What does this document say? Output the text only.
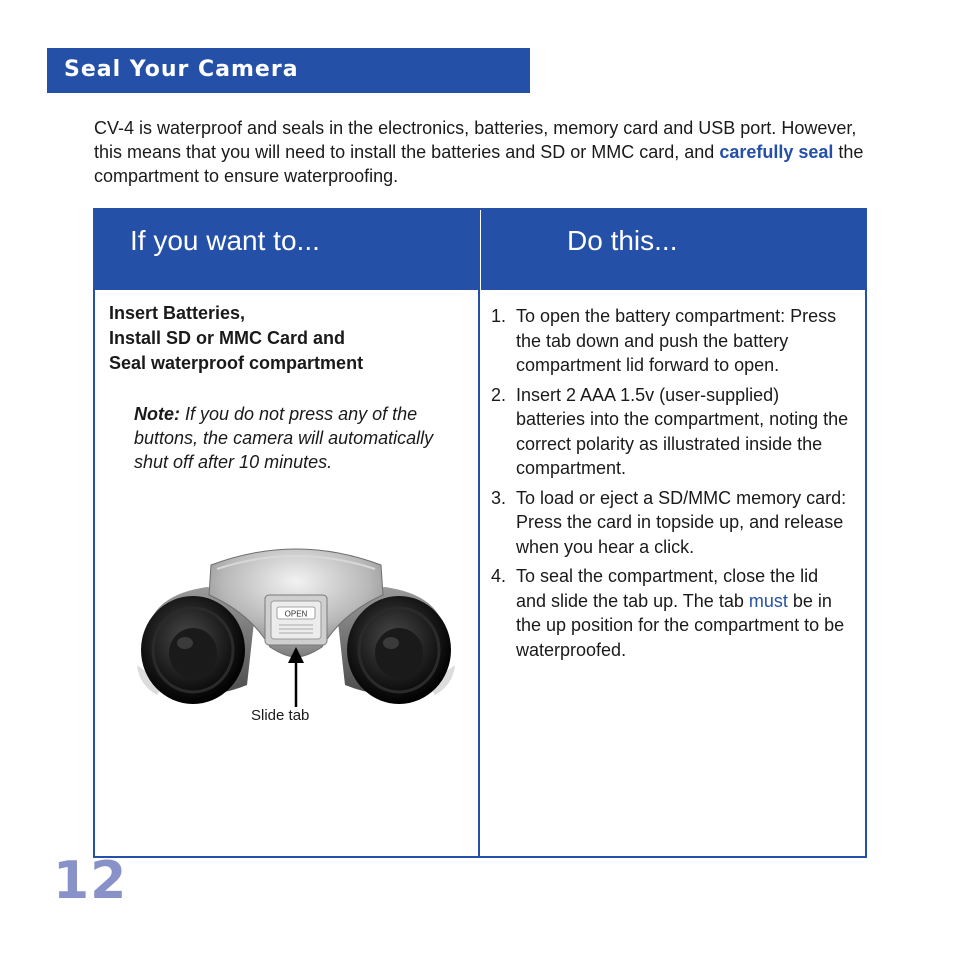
Seal Your Camera

CV-4 is waterproof and seals in the electronics, batteries, memory card and USB port. However, this means that you will need to install the batteries and SD or MMC card, and carefully seal the compartment to ensure waterproofing.

If you want to...	Do this...
Insert Batteries,
Install SD or MMC Card and
Seal waterproof compartment

Note: If you do not press any of the buttons, the camera will automatically shut off after 10 minutes.

OPEN
Slide tab
1. To open the battery compartment: Press the tab down and push the battery compartment lid forward to open.
2. Insert 2 AAA 1.5v (user-supplied) batteries into the compartment, noting the correct polarity as illustrated inside the compartment.
3. To load or eject a SD/MMC memory card: Press the card in topside up, and release when you hear a click.
4. To seal the compartment, close the lid and slide the tab up. The tab must be in the up position for the compartment to be waterproofed.
12
